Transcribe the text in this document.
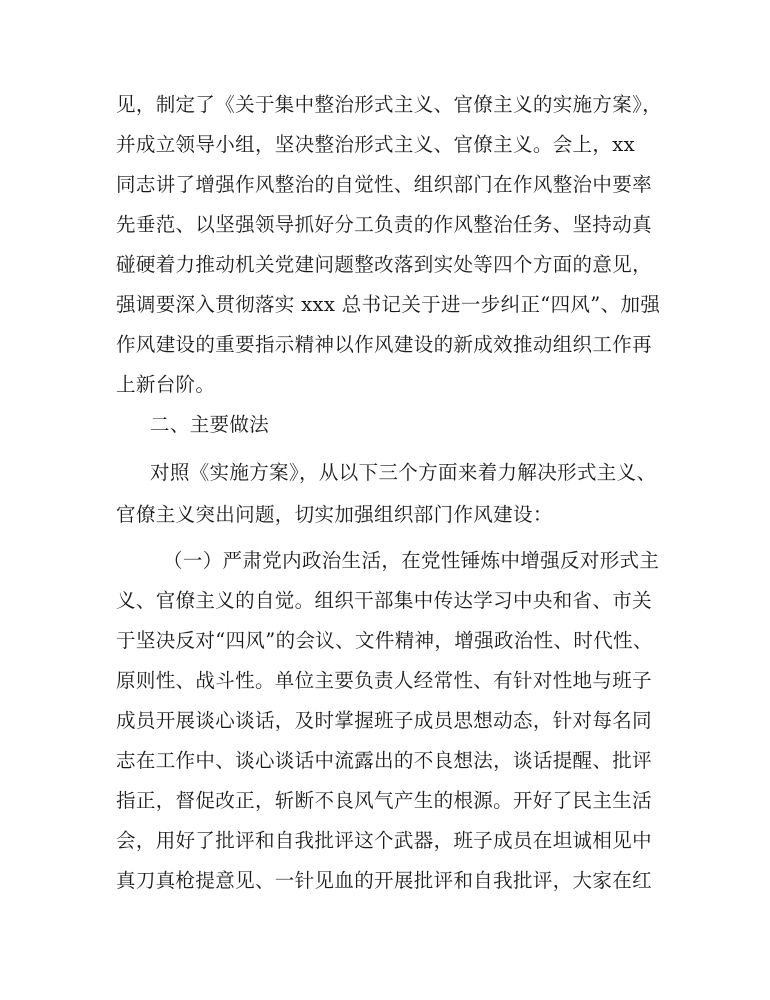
见，制定了《关于集中整治形式主义、官僚主义的实施方案》，
并成立领导小组，坚决整治形式主义、官僚主义。会上，xx
同志讲了增强作风整治的自觉性、组织部门在作风整治中要率
先垂范、以坚强领导抓好分工负责的作风整治任务、坚持动真
碰硬着力推动机关党建问题整改落到实处等四个方面的意见，
强调要深入贯彻落实 xxx 总书记关于进一步纠正“四风”、加强
作风建设的重要指示精神以作风建设的新成效推动组织工作再
上新台阶。
二、主要做法
对照《实施方案》，从以下三个方面来着力解决形式主义、
官僚主义突出问题，切实加强组织部门作风建设：
（一）严肃党内政治生活，在党性锤炼中增强反对形式主
义、官僚主义的自觉。组织干部集中传达学习中央和省、市关
于坚决反对“四风”的会议、文件精神，增强政治性、时代性、
原则性、战斗性。单位主要负责人经常性、有针对性地与班子
成员开展谈心谈话，及时掌握班子成员思想动态，针对每名同
志在工作中、谈心谈话中流露出的不良想法，谈话提醒、批评
指正，督促改正，斩断不良风气产生的根源。开好了民主生活
会，用好了批评和自我批评这个武器，班子成员在坦诚相见中
真刀真枪提意见、一针见血的开展批评和自我批评，大家在红
